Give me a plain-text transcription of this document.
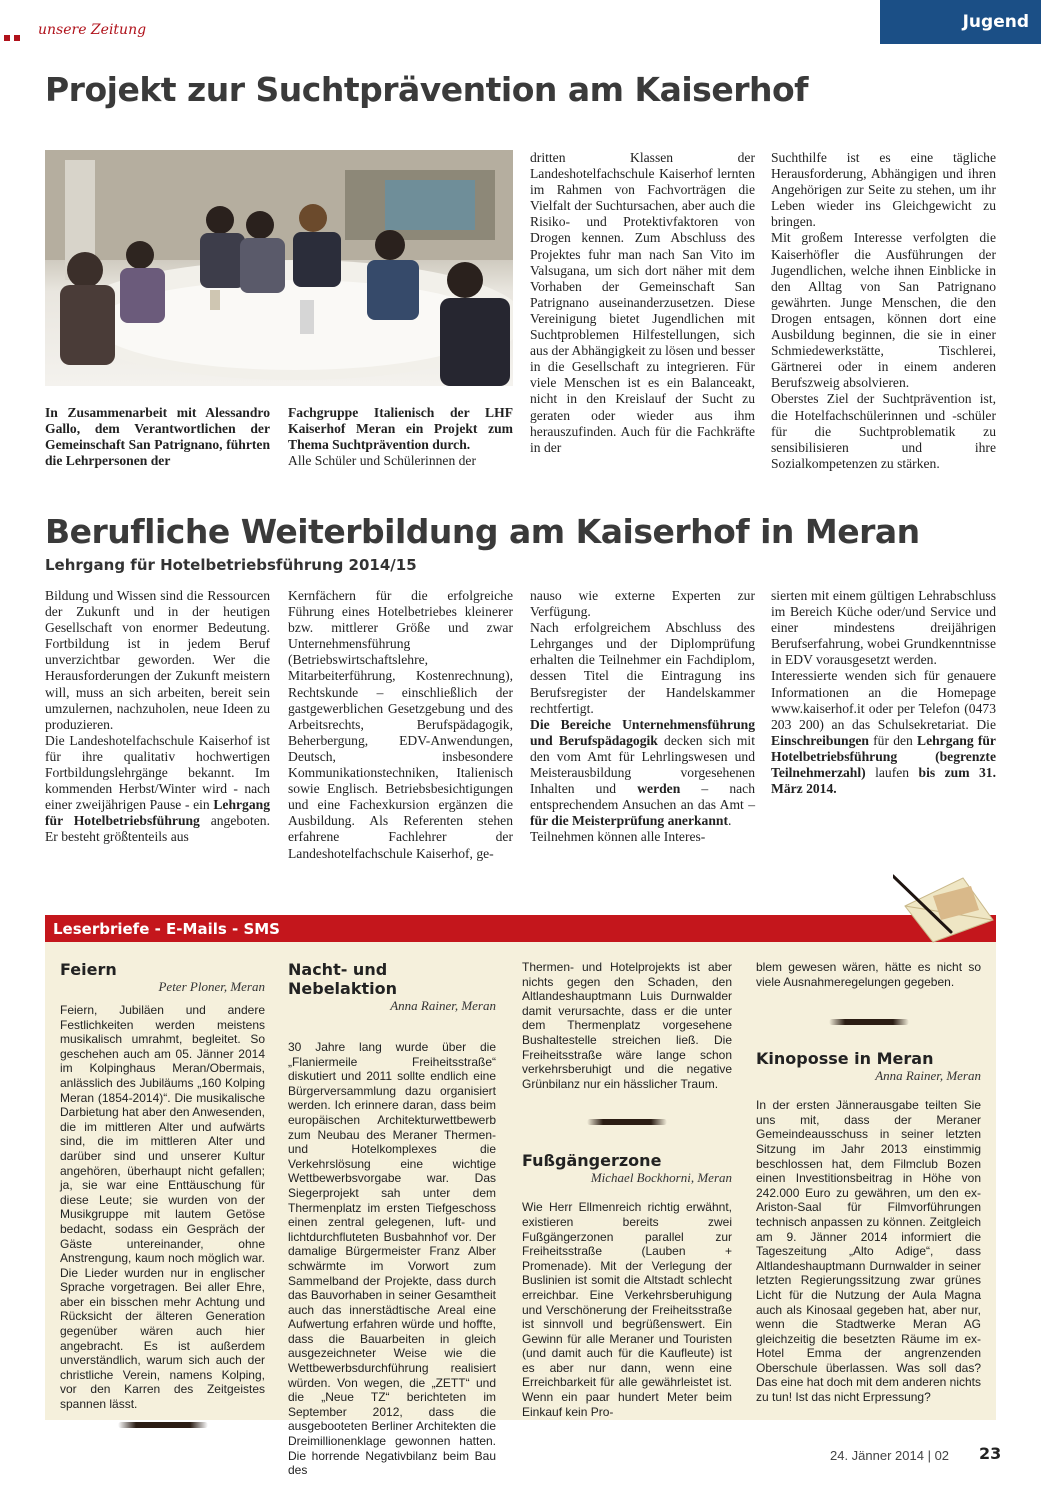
unsere Zeitung	Jugend
Projekt zur Suchtprävention am Kaiserhof

In Zusammenarbeit mit Alessandro Gallo, dem Verantwortlichen der Gemeinschaft San Patrignano, führten die Lehrpersonen der

Fachgruppe Italienisch der LHF Kaiserhof Meran ein Projekt zum Thema Suchtprävention durch.

Alle Schüler und Schülerinnen der

dritten Klassen der Landeshotelfachschule Kaiserhof lernten im Rahmen von Fachvorträgen die Vielfalt der Suchtursachen, aber auch die Risiko- und Protektivfaktoren von Drogen kennen. Zum Abschluss des Projektes fuhr man nach San Vito im Valsugana, um sich dort näher mit dem Vorhaben der Gemeinschaft San Patrignano auseinanderzusetzen. Diese Vereinigung bietet Jugendlichen mit Suchtproblemen Hilfestellungen, sich aus der Abhängigkeit zu lösen und besser in die Gesellschaft zu integrieren. Für viele Menschen ist es ein Balanceakt, nicht in den Kreislauf der Sucht zu geraten oder wieder aus ihm herauszufinden. Auch für die Fachkräfte in der

Suchthilfe ist es eine tägliche Herausforderung, Abhängigen und ihren Angehörigen zur Seite zu stehen, um ihr Leben wieder ins Gleichgewicht zu bringen.

Mit großem Interesse verfolgten die Kaiserhöfler die Ausführungen der Jugendlichen, welche ihnen Einblicke in den Alltag von San Patrignano gewährten. Junge Menschen, die den Drogen entsagen, können dort eine Ausbildung beginnen, die sie in einer Schmiedewerkstätte, Tischlerei, Gärtnerei oder in einem anderen Berufszweig absolvieren.

Oberstes Ziel der Suchtprävention ist, die Hotelfachschülerinnen und -schüler für die Suchtproblematik zu sensibilisieren und ihre Sozialkompetenzen zu stärken.

Berufliche Weiterbildung am Kaiserhof in Meran
Lehrgang für Hotelbetriebsführung 2014/15

Bildung und Wissen sind die Ressourcen der Zukunft und in der heutigen Gesellschaft von enormer Bedeutung. Fortbildung ist in jedem Beruf unverzichtbar geworden. Wer die Herausforderungen der Zukunft meistern will, muss an sich arbeiten, bereit sein umzulernen, nachzuholen, neue Ideen zu produzieren.

Die Landeshotelfachschule Kaiserhof ist für ihre qualitativ hochwertigen Fortbildungslehrgänge bekannt. Im kommenden Herbst/Winter wird - nach einer zweijährigen Pause - ein Lehrgang für Hotelbetriebsführung angeboten. Er besteht größtenteils aus

Kernfächern für die erfolgreiche Führung eines Hotelbetriebes kleinerer bzw. mittlerer Größe und zwar Unternehmensführung (Betriebswirtschaftslehre, Mitarbeiterführung, Kostenrechnung), Rechtskunde – einschließlich der gastgewerblichen Gesetzgebung und des Arbeitsrechts, Berufspädagogik, Beherbergung, EDV-Anwendungen, Deutsch, insbesondere Kommunikationstechniken, Italienisch sowie Englisch. Betriebsbesichtigungen und eine Fachexkursion ergänzen die Ausbildung. Als Referenten stehen erfahrene Fachlehrer der Landeshotelfachschule Kaiserhof, ge-

nauso wie externe Experten zur Verfügung.

Nach erfolgreichem Abschluss des Lehrganges und der Diplomprüfung erhalten die Teilnehmer ein Fachdiplom, dessen Titel die Eintragung ins Berufsregister der Handelskammer rechtfertigt.

Die Bereiche Unternehmensführung und Berufspädagogik decken sich mit den vom Amt für Lehrlingswesen und Meisterausbildung vorgesehenen Inhalten und werden – nach entsprechendem Ansuchen an das Amt – für die Meisterprüfung anerkannt.

Teilnehmen können alle Interes-

sierten mit einem gültigen Lehrabschluss im Bereich Küche oder/und Service und einer mindestens dreijährigen Berufserfahrung, wobei Grundkenntnisse in EDV vorausgesetzt werden.

Interessierte wenden sich für genauere Informationen an die Homepage www.kaiserhof.it oder per Telefon (0473 203 200) an das Schulsekretariat. Die Einschreibungen für den Lehrgang für Hotelbetriebsführung (begrenzte Teilnehmerzahl) laufen bis zum 31. März 2014.

Leserbriefe - E-Mails - SMS
Feiern
Peter Ploner, Meran
Feiern, Jubiläen und andere Festlichkeiten werden meistens musikalisch umrahmt, begleitet. So geschehen auch am 05. Jänner 2014 im Kolpinghaus Meran/Obermais, anlässlich des Jubiläums „160 Kolping Meran (1854-2014)“. Die musikalische Darbietung hat aber den Anwesenden, die im mittleren Alter und aufwärts sind, die im mittleren Alter und darüber sind und unserer Kultur angehören, überhaupt nicht gefallen; ja, sie war eine Enttäuschung für diese Leute; sie wurden von der Musikgruppe mit lautem Getöse bedacht, sodass ein Gespräch der Gäste untereinander, ohne Anstrengung, kaum noch möglich war. Die Lieder wurden nur in englischer Sprache vorgetragen. Bei aller Ehre, aber ein bisschen mehr Achtung und Rücksicht der älteren Generation gegenüber wären auch hier angebracht. Es ist außerdem unverständlich, warum sich auch der christliche Verein, namens Kolping, vor den Karren des Zeitgeistes spannen lässt.
Nacht- und Nebelaktion
Anna Rainer, Meran
30 Jahre lang wurde über die „Flaniermeile Freiheitsstraße“ diskutiert und 2011 sollte endlich eine Bürgerversammlung dazu organisiert werden. Ich erinnere daran, dass beim europäischen Architekturwettbewerb zum Neubau des Meraner Thermen- und Hotelkomplexes die Verkehrslösung eine wichtige Wettbewerbsvorgabe war. Das Siegerprojekt sah unter dem Thermenplatz im ersten Tiefgeschoss einen zentral gelegenen, luft- und lichtdurchfluteten Busbahnhof vor. Der damalige Bürgermeister Franz Alber schwärmte im Vorwort zum Sammelband der Projekte, dass durch das Bauvorhaben in seiner Gesamtheit auch das innerstädtische Areal eine Aufwertung erfahren würde und hoffte, dass die Bauarbeiten in gleich ausgezeichneter Weise wie die Wettbewerbsdurchführung realisiert würden. Von wegen, die „ZETT“ und die „Neue TZ“ berichteten im September 2012, dass die ausgebooteten Berliner Architekten die Dreimillionenklage gewonnen hatten. Die horrende Negativbilanz beim Bau des
Thermen- und Hotelprojekts ist aber nichts gegen den Schaden, den Altlandeshauptmann Luis Durnwalder damit verursachte, dass er die unter dem Thermenplatz vorgesehene Bushaltestelle streichen ließ. Die Freiheitsstraße wäre lange schon verkehrsberuhigt und die negative Grünbilanz nur ein hässlicher Traum.
Fußgängerzone
Michael Bockhorni, Meran
Wie Herr Ellmenreich richtig erwähnt, existieren bereits zwei Fußgängerzonen parallel zur Freiheitsstraße (Lauben + Promenade). Mit der Verlegung der Buslinien ist somit die Altstadt schlecht erreichbar. Eine Verkehrsberuhigung und Verschönerung der Freiheitsstraße ist sinnvoll und begrüßenswert. Ein Gewinn für alle Meraner und Touristen (und damit auch für die Kaufleute) ist es aber nur dann, wenn eine Erreichbarkeit für alle gewährleistet ist. Wenn ein paar hundert Meter beim Einkauf kein Pro-
blem gewesen wären, hätte es nicht so viele Ausnahmeregelungen gegeben.
Kinoposse in Meran
Anna Rainer, Meran
In der ersten Jännerausgabe teilten Sie uns mit, dass der Meraner Gemeindeausschuss in seiner letzten Sitzung im Jahr 2013 einstimmig beschlossen hat, dem Filmclub Bozen einen Investitionsbeitrag in Höhe von 242.000 Euro zu gewähren, um den ex-Ariston-Saal für Filmvorführungen technisch anpassen zu können. Zeitgleich am 9. Jänner 2014 informiert die Tageszeitung „Alto Adige“, dass Altlandeshauptmann Durnwalder in seiner letzten Regierungssitzung zwar grünes Licht für die Nutzung der Aula Magna auch als Kinosaal gegeben hat, aber nur, wenn die Stadtwerke Meran AG gleichzeitig die besetzten Räume im ex-Hotel Emma der angrenzenden Oberschule überlassen. Was soll das? Das eine hat doch mit dem anderen nichts zu tun! Ist das nicht Erpressung?
24. Jänner 2014 | 02 23
